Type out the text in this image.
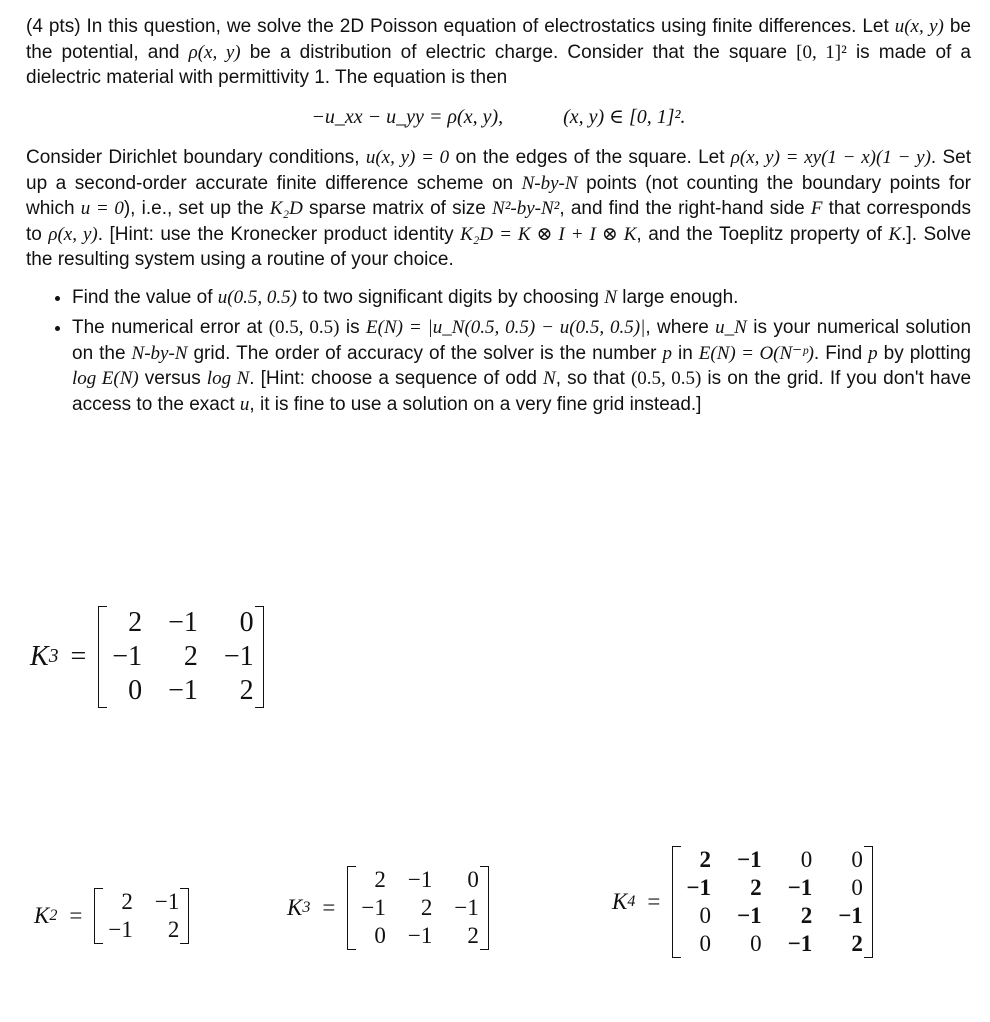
(4 pts) In this question, we solve the 2D Poisson equation of electrostatics using finite differences. Let u(x, y) be the potential, and ρ(x, y) be a distribution of electric charge. Consider that the square [0, 1]² is made of a dielectric material with permittivity 1. The equation is then

−u_xx − u_yy = ρ(x, y),	(x, y) ∈ [0, 1]².

Consider Dirichlet boundary conditions, u(x, y) = 0 on the edges of the square. Let ρ(x, y) = xy(1 − x)(1 − y). Set up a second-order accurate finite difference scheme on N-by-N points (not counting the boundary points for which u = 0), i.e., set up the K₂D sparse matrix of size N²-by-N², and find the right-hand side F that corresponds to ρ(x, y). [Hint: use the Kronecker product identity K₂D = K ⊗ I + I ⊗ K, and the Toeplitz property of K.]. Solve the resulting system using a routine of your choice.

• Find the value of u(0.5, 0.5) to two significant digits by choosing N large enough.
• The numerical error at (0.5, 0.5) is E(N) = |u_N(0.5, 0.5) − u(0.5, 0.5)|, where u_N is your numerical solution on the N-by-N grid. The order of accuracy of the solver is the number p in E(N) = O(N⁻ᵖ). Find p by plotting log E(N) versus log N. [Hint: choose a sequence of odd N, so that (0.5, 0.5) is on the grid. If you don't have access to the exact u, it is fine to use a solution on a very fine grid instead.]
K 3 =
2	−1	0
−1	2	−1
0	−1	2
K 2 =
2	−1
−1	2
K 3 =
2	−1	0
−1	2	−1
0	−1	2
K 4 =
2	−1	0	0
−1	2	−1	0
0	−1	2	−1
0	0	−1	2
